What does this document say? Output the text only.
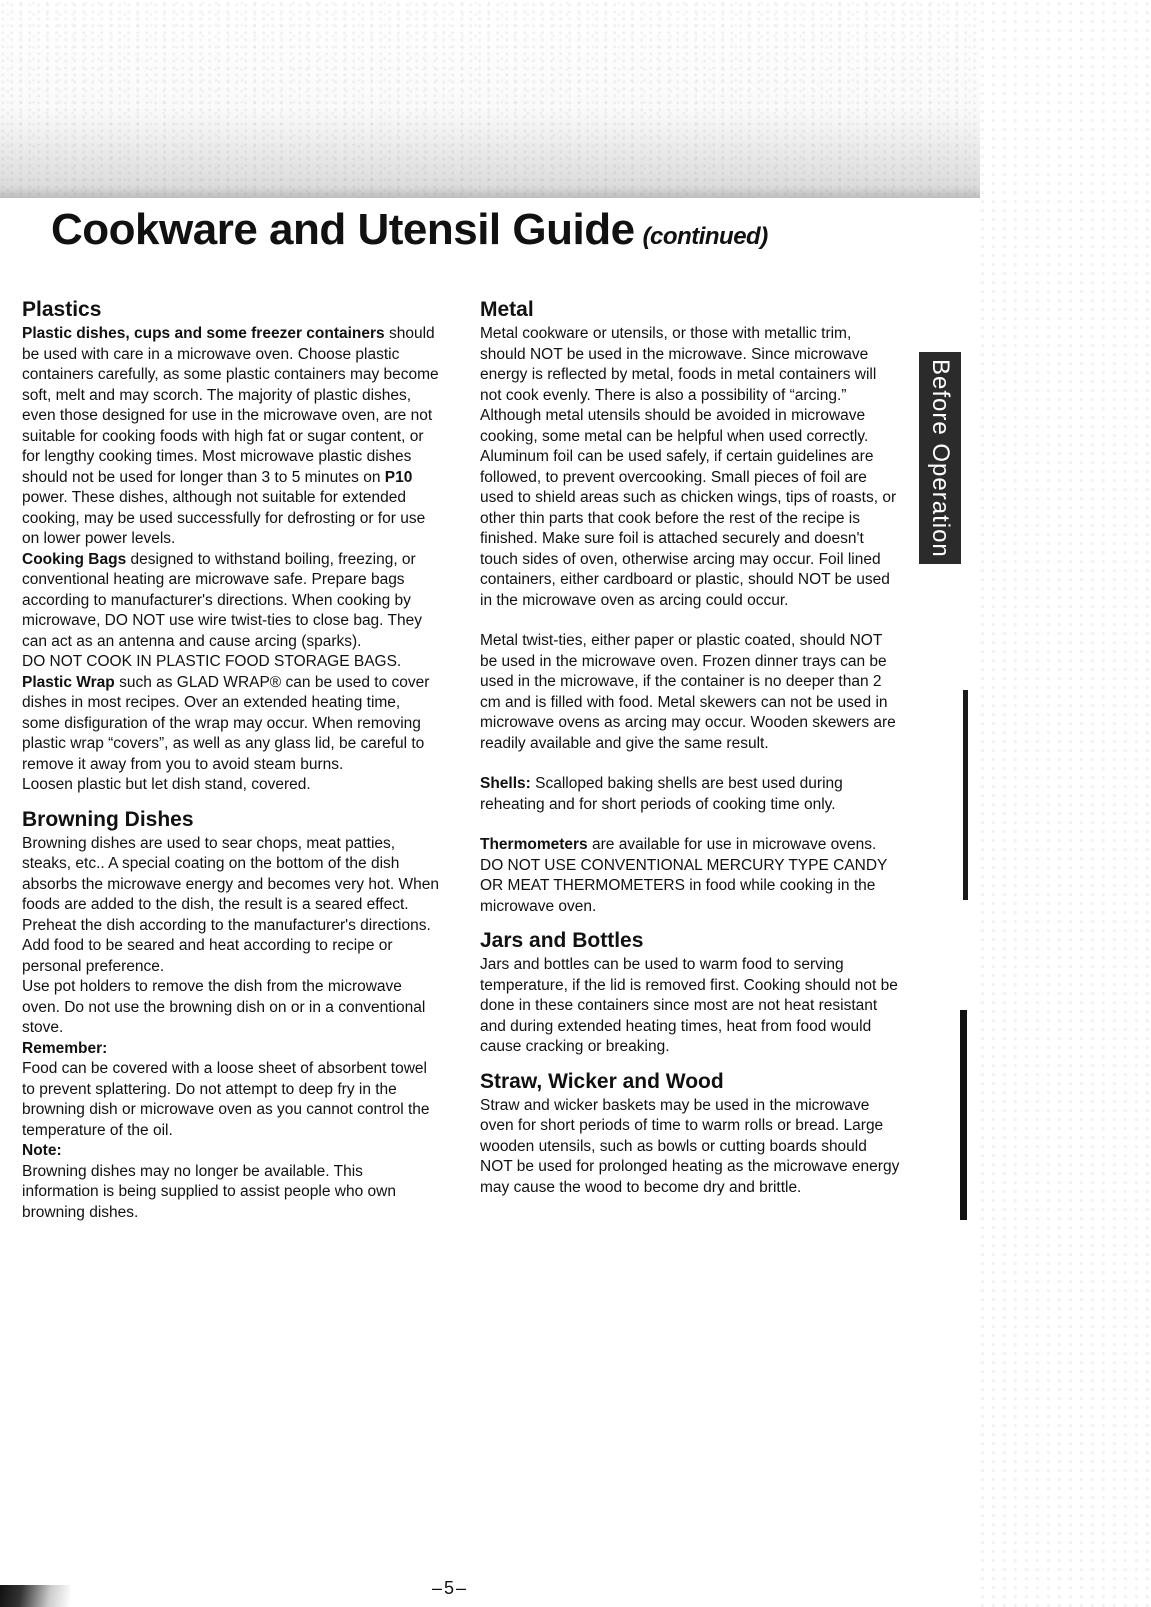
Cookware and Utensil Guide (continued)
Plastics

Plastic dishes, cups and some freezer containers should be used with care in a microwave oven. Choose plastic containers carefully, as some plastic containers may become soft, melt and may scorch. The majority of plastic dishes, even those designed for use in the microwave oven, are not suitable for cooking foods with high fat or sugar content, or for lengthy cooking times. Most microwave plastic dishes should not be used for longer than 3 to 5 minutes on P10 power. These dishes, although not suitable for extended cooking, may be used successfully for defrosting or for use on lower power levels.

Cooking Bags designed to withstand boiling, freezing, or conventional heating are microwave safe. Prepare bags according to manufacturer's directions. When cooking by microwave, DO NOT use wire twist-ties to close bag. They can act as an antenna and cause arcing (sparks).

DO NOT COOK IN PLASTIC FOOD STORAGE BAGS.

Plastic Wrap such as GLAD WRAP® can be used to cover dishes in most recipes. Over an extended heating time, some disfiguration of the wrap may occur. When removing plastic wrap “covers”, as well as any glass lid, be careful to remove it away from you to avoid steam burns.

Loosen plastic but let dish stand, covered.

Browning Dishes

Browning dishes are used to sear chops, meat patties, steaks, etc.. A special coating on the bottom of the dish absorbs the microwave energy and becomes very hot. When foods are added to the dish, the result is a seared effect. Preheat the dish according to the manufacturer's directions. Add food to be seared and heat according to recipe or personal preference.

Use pot holders to remove the dish from the microwave oven. Do not use the browning dish on or in a conventional stove.

Remember:

Food can be covered with a loose sheet of absorbent towel to prevent splattering. Do not attempt to deep fry in the browning dish or microwave oven as you cannot control the temperature of the oil.

Note:

Browning dishes may no longer be available. This information is being supplied to assist people who own browning dishes.

Metal

Metal cookware or utensils, or those with metallic trim, should NOT be used in the microwave. Since microwave energy is reflected by metal, foods in metal containers will not cook evenly. There is also a possibility of “arcing.”

Although metal utensils should be avoided in microwave cooking, some metal can be helpful when used correctly.

Aluminum foil can be used safely, if certain guidelines are followed, to prevent overcooking. Small pieces of foil are used to shield areas such as chicken wings, tips of roasts, or other thin parts that cook before the rest of the recipe is finished. Make sure foil is attached securely and doesn't touch sides of oven, otherwise arcing may occur. Foil lined containers, either cardboard or plastic, should NOT be used in the microwave oven as arcing could occur.

Metal twist-ties, either paper or plastic coated, should NOT be used in the microwave oven. Frozen dinner trays can be used in the microwave, if the container is no deeper than 2 cm and is filled with food. Metal skewers can not be used in microwave ovens as arcing may occur. Wooden skewers are readily available and give the same result.

Shells: Scalloped baking shells are best used during reheating and for short periods of cooking time only.

Thermometers are available for use in microwave ovens. DO NOT USE CONVENTIONAL MERCURY TYPE CANDY OR MEAT THERMOMETERS in food while cooking in the microwave oven.

Jars and Bottles

Jars and bottles can be used to warm food to serving temperature, if the lid is removed first. Cooking should not be done in these containers since most are not heat resistant and during extended heating times, heat from food would cause cracking or breaking.

Straw, Wicker and Wood

Straw and wicker baskets may be used in the microwave oven for short periods of time to warm rolls or bread. Large wooden utensils, such as bowls or cutting boards should NOT be used for prolonged heating as the microwave energy may cause the wood to become dry and brittle.

Before Operation
–5–
